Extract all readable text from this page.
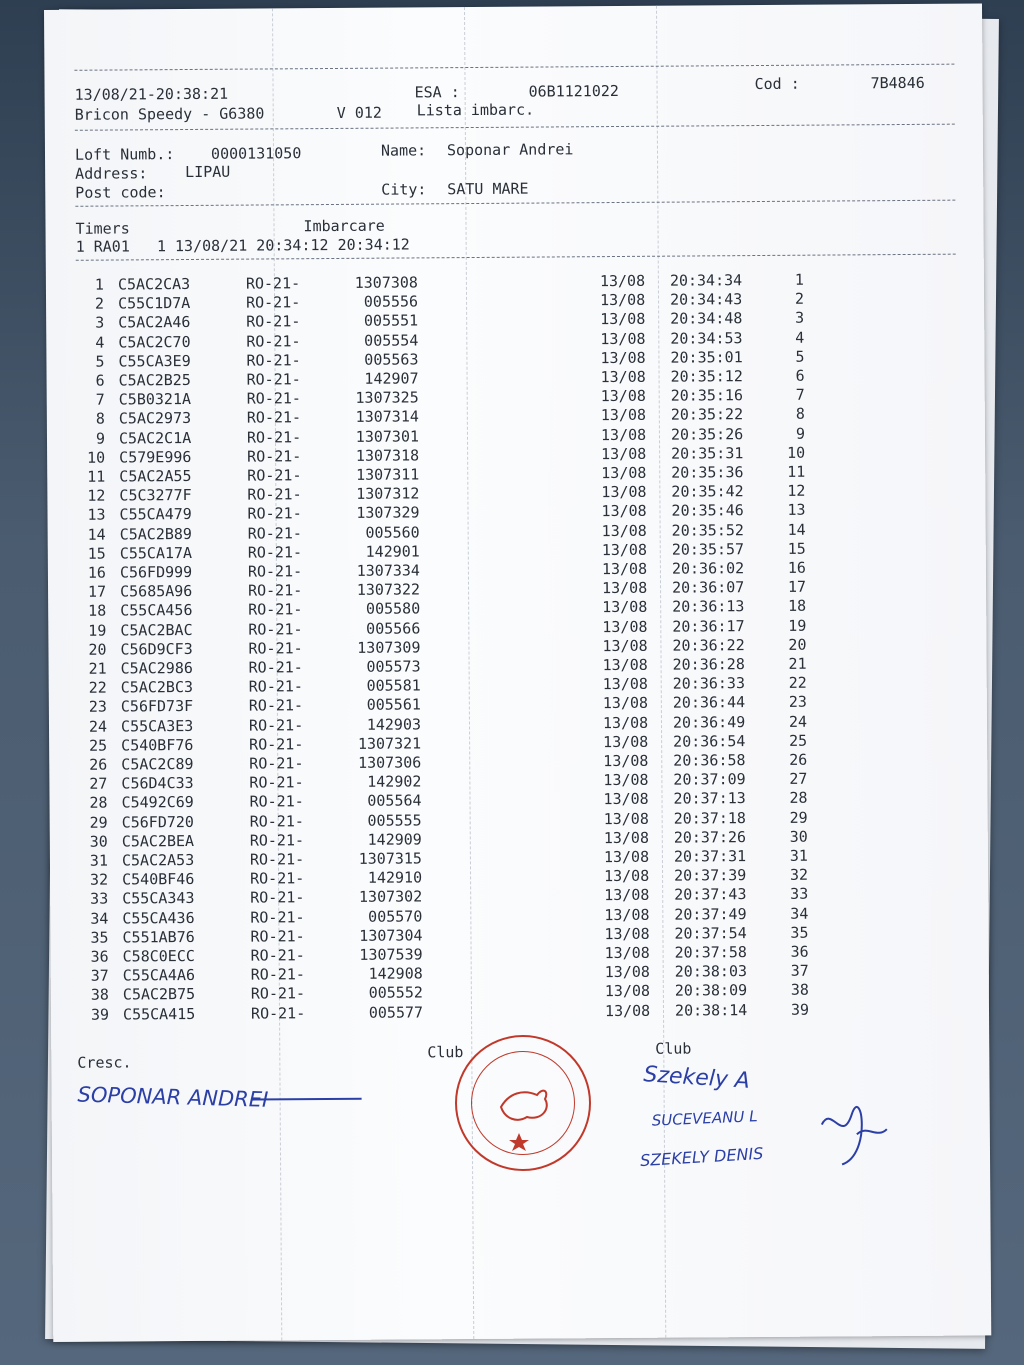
13/08/21-20:38:21	ESA :	06B1121022	Cod :	7B4846
Bricon Speedy - G6380	V 012 Lista imbarc.
Loft Numb.: 0000131050	Name: Soponar Andrei
Address:	LIPAU
Post code:	City: SATU MARE
Timers	Imbarcare
1 RA01   1 13/08/21 20:34:12 20:34:12
1 C5AC2CA3	RO-21-	1307308	13/08 20:34:34	1
2 C55C1D7A	RO-21-	005556	13/08 20:34:43	2
3 C5AC2A46	RO-21-	005551	13/08 20:34:48	3
4 C5AC2C70	RO-21-	005554	13/08 20:34:53	4
5 C55CA3E9	RO-21-	005563	13/08 20:35:01	5
6 C5AC2B25	RO-21-	142907	13/08 20:35:12	6
7 C5B0321A	RO-21-	1307325	13/08 20:35:16	7
8 C5AC2973	RO-21-	1307314	13/08 20:35:22	8
9 C5AC2C1A	RO-21-	1307301	13/08 20:35:26	9
10 C579E996	RO-21-	1307318	13/08 20:35:31	10
11 C5AC2A55	RO-21-	1307311	13/08 20:35:36	11
12 C5C3277F	RO-21-	1307312	13/08 20:35:42	12
13 C55CA479	RO-21-	1307329	13/08 20:35:46	13
14 C5AC2B89	RO-21-	005560	13/08 20:35:52	14
15 C55CA17A	RO-21-	142901	13/08 20:35:57	15
16 C56FD999	RO-21-	1307334	13/08 20:36:02	16
17 C5685A96	RO-21-	1307322	13/08 20:36:07	17
18 C55CA456	RO-21-	005580	13/08 20:36:13	18
19 C5AC2BAC	RO-21-	005566	13/08 20:36:17	19
20 C56D9CF3	RO-21-	1307309	13/08 20:36:22	20
21 C5AC2986	RO-21-	005573	13/08 20:36:28	21
22 C5AC2BC3	RO-21-	005581	13/08 20:36:33	22
23 C56FD73F	RO-21-	005561	13/08 20:36:44	23
24 C55CA3E3	RO-21-	142903	13/08 20:36:49	24
25 C540BF76	RO-21-	1307321	13/08 20:36:54	25
26 C5AC2C89	RO-21-	1307306	13/08 20:36:58	26
27 C56D4C33	RO-21-	142902	13/08 20:37:09	27
28 C5492C69	RO-21-	005564	13/08 20:37:13	28
29 C56FD720	RO-21-	005555	13/08 20:37:18	29
30 C5AC2BEA	RO-21-	142909	13/08 20:37:26	30
31 C5AC2A53	RO-21-	1307315	13/08 20:37:31	31
32 C540BF46	RO-21-	142910	13/08 20:37:39	32
33 C55CA343	RO-21-	1307302	13/08 20:37:43	33
34 C55CA436	RO-21-	005570	13/08 20:37:49	34
35 C551AB76	RO-21-	1307304	13/08 20:37:54	35
36 C58C0ECC	RO-21-	1307539	13/08 20:37:58	36
37 C55CA4A6	RO-21-	142908	13/08 20:38:03	37
38 C5AC2B75	RO-21-	005552	13/08 20:38:09	38
39 C55CA415	RO-21-	005577	13/08 20:38:14	39
Cresc.
Club	Club
SOPONAR ANDREI
Szekely A
SUCEVEANU L
SZEKELY DENIS
